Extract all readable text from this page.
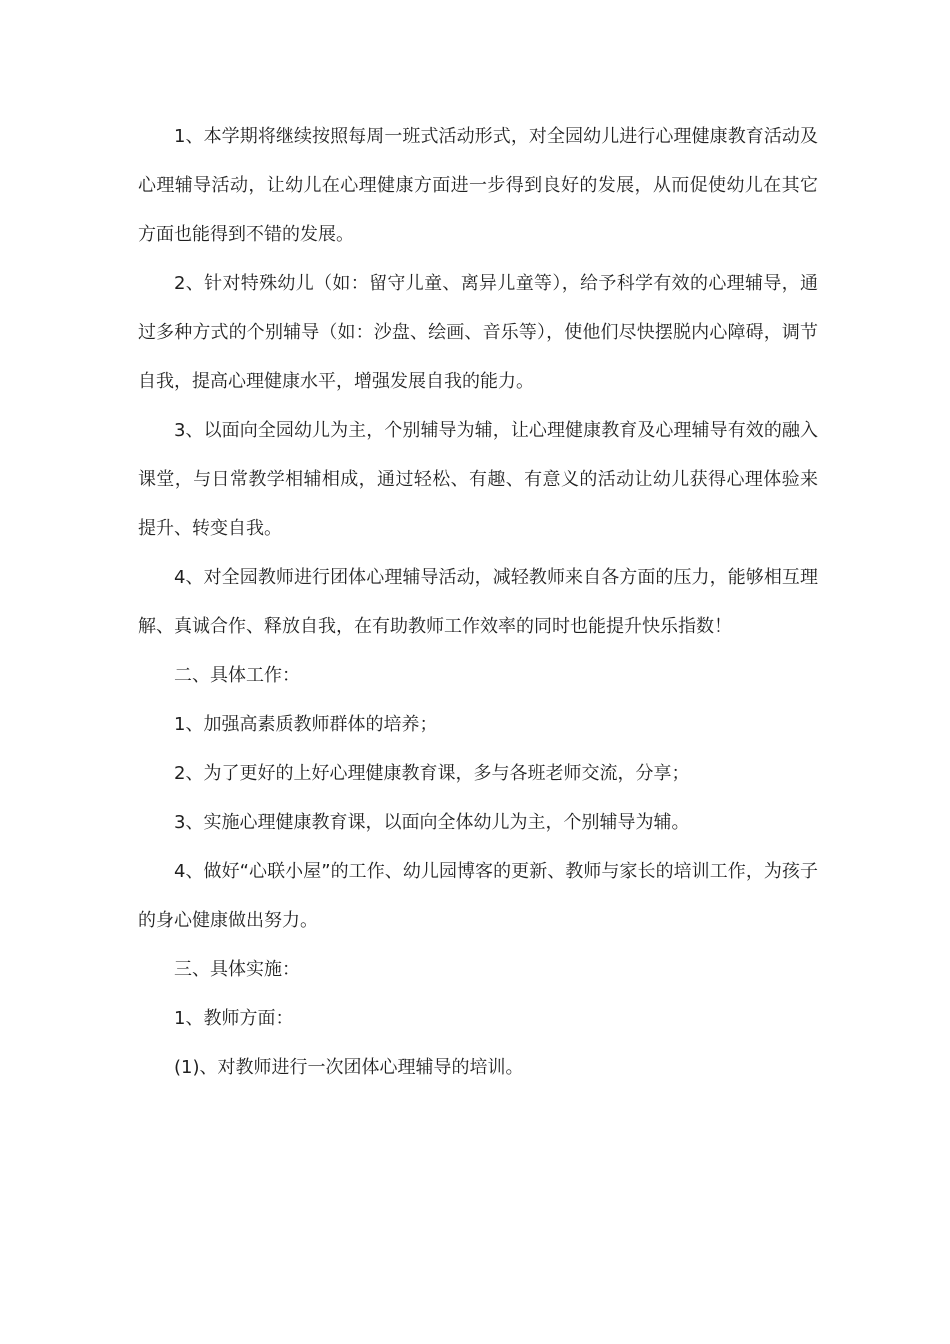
1、本学期将继续按照每周一班式活动形式，对全园幼儿进行心理健康教育活动及心理辅导活动，让幼儿在心理健康方面进一步得到良好的发展，从而促使幼儿在其它方面也能得到不错的发展。

2、针对特殊幼儿（如：留守儿童、离异儿童等），给予科学有效的心理辅导，通过多种方式的个别辅导（如：沙盘、绘画、音乐等），使他们尽快摆脱内心障碍，调节自我，提高心理健康水平，增强发展自我的能力。

3、以面向全园幼儿为主，个别辅导为辅，让心理健康教育及心理辅导有效的融入课堂，与日常教学相辅相成，通过轻松、有趣、有意义的活动让幼儿获得心理体验来提升、转变自我。

4、对全园教师进行团体心理辅导活动，减轻教师来自各方面的压力，能够相互理解、真诚合作、释放自我，在有助教师工作效率的同时也能提升快乐指数！

二、具体工作：

1、加强高素质教师群体的培养；

2、为了更好的上好心理健康教育课，多与各班老师交流，分享；

3、实施心理健康教育课，以面向全体幼儿为主，个别辅导为辅。

4、做好“心联小屋”的工作、幼儿园博客的更新、教师与家长的培训工作，为孩子的身心健康做出努力。

三、具体实施：

1、教师方面：

(1)、对教师进行一次团体心理辅导的培训。
